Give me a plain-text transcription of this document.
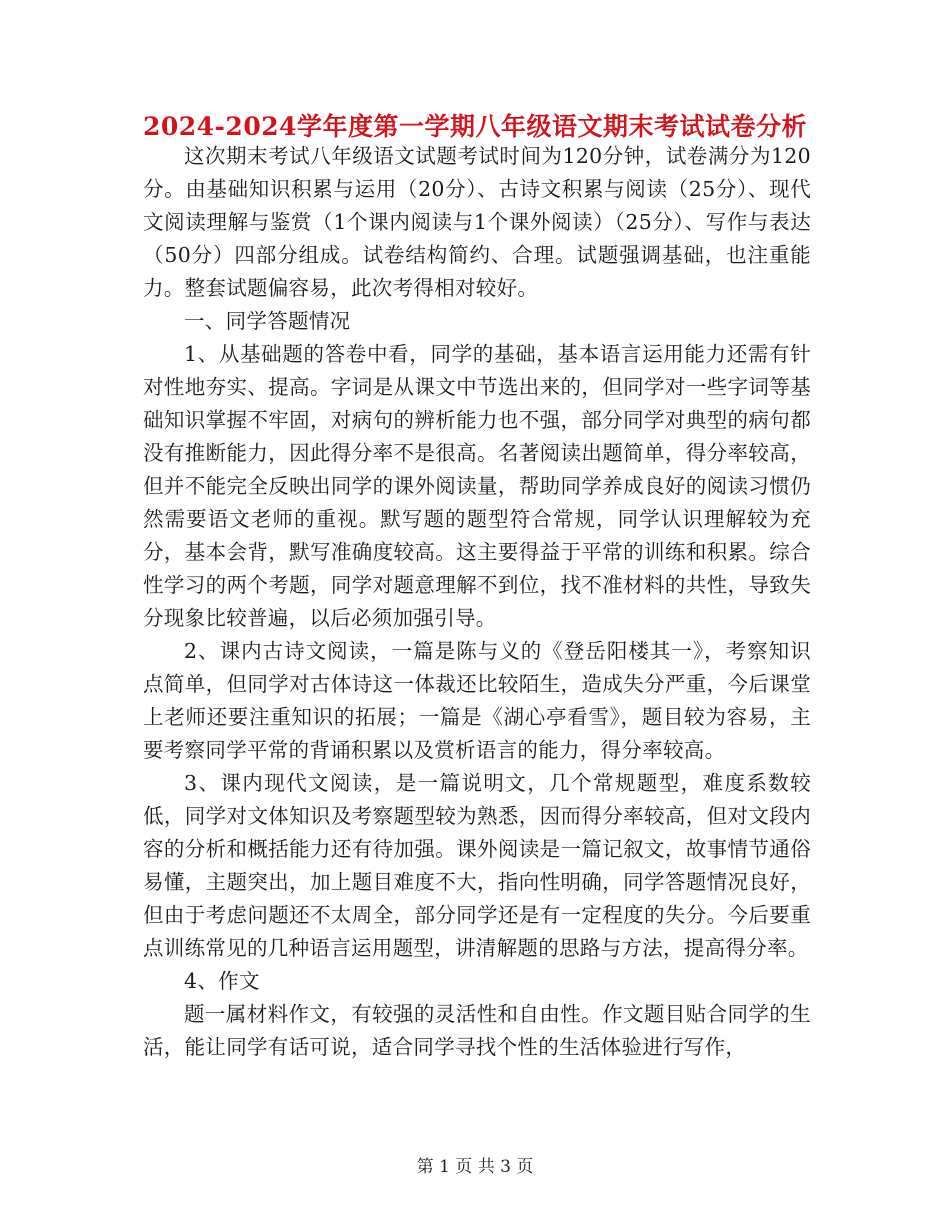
2024-2024学年度第一学期八年级语文期末考试试卷分析

这次期末考试八年级语文试题考试时间为120分钟，试卷满分为120分。由基础知识积累与运用（20分）、古诗文积累与阅读（25分）、现代文阅读理解与鉴赏（1个课内阅读与1个课外阅读）（25分）、写作与表达（50分）四部分组成。试卷结构简约、合理。试题强调基础，也注重能力。整套试题偏容易，此次考得相对较好。

一、同学答题情况

1、从基础题的答卷中看，同学的基础，基本语言运用能力还需有针对性地夯实、提高。字词是从课文中节选出来的，但同学对一些字词等基础知识掌握不牢固，对病句的辨析能力也不强，部分同学对典型的病句都没有推断能力，因此得分率不是很高。名著阅读出题简单，得分率较高，但并不能完全反映出同学的课外阅读量，帮助同学养成良好的阅读习惯仍然需要语文老师的重视。默写题的题型符合常规，同学认识理解较为充分，基本会背，默写准确度较高。这主要得益于平常的训练和积累。综合性学习的两个考题，同学对题意理解不到位，找不准材料的共性，导致失分现象比较普遍，以后必须加强引导。

2、课内古诗文阅读，一篇是陈与义的《登岳阳楼其一》，考察知识点简单，但同学对古体诗这一体裁还比较陌生，造成失分严重，今后课堂上老师还要注重知识的拓展；一篇是《湖心亭看雪》，题目较为容易，主要考察同学平常的背诵积累以及赏析语言的能力，得分率较高。

3、课内现代文阅读，是一篇说明文，几个常规题型，难度系数较低，同学对文体知识及考察题型较为熟悉，因而得分率较高，但对文段内容的分析和概括能力还有待加强。课外阅读是一篇记叙文，故事情节通俗易懂，主题突出，加上题目难度不大，指向性明确，同学答题情况良好，但由于考虑问题还不太周全，部分同学还是有一定程度的失分。今后要重点训练常见的几种语言运用题型，讲清解题的思路与方法，提高得分率。

4、作文

题一属材料作文，有较强的灵活性和自由性。作文题目贴合同学的生活，能让同学有话可说，适合同学寻找个性的生活体验进行写作，

第 1 页 共 3 页
